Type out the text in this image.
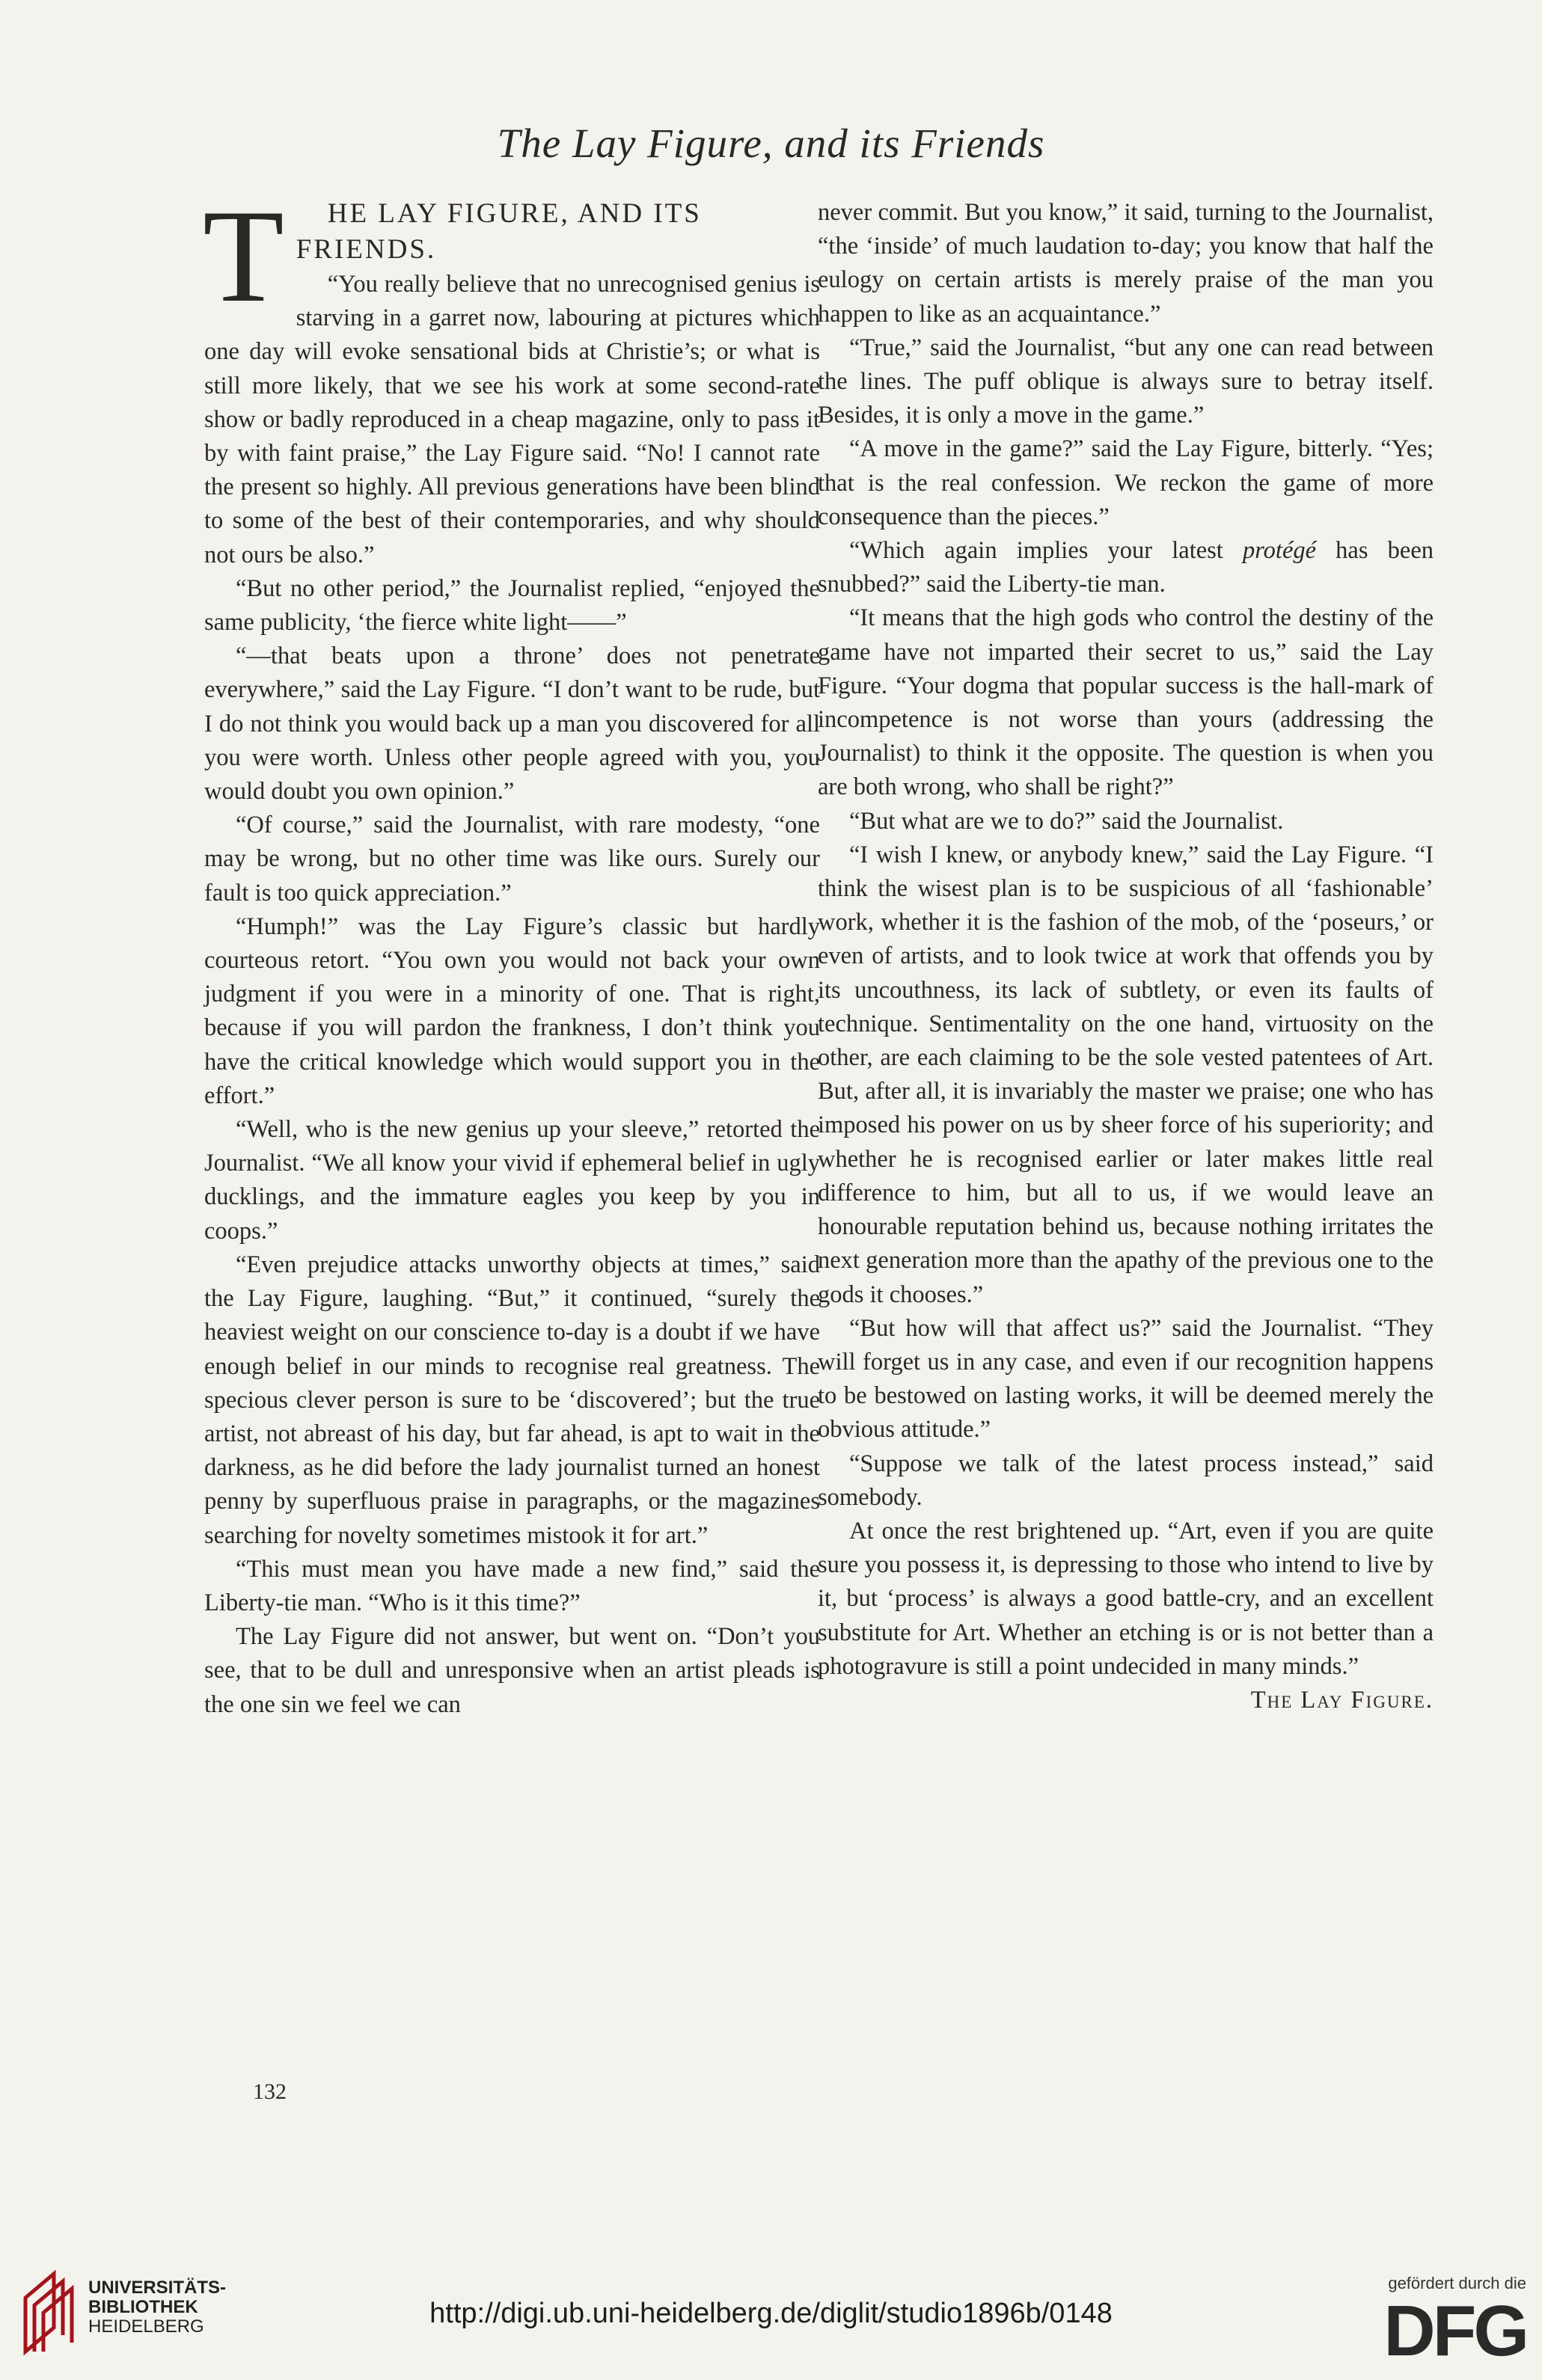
The Lay Figure, and its Friends
T	HE LAY FIGURE, AND ITS FRIENDS.

“You really believe that no unrecognised genius is starving in a garret now, labouring at pictures which one day will evoke sensational bids at Christie’s; or what is still more likely, that we see his work at some second-rate show or badly reproduced in a cheap magazine, only to pass it by with faint praise,” the Lay Figure said. “No! I cannot rate the present so highly. All previous generations have been blind to some of the best of their contemporaries, and why should not ours be also.”

“But no other period,” the Journalist replied, “enjoyed the same publicity, ‘the fierce white light——”

“—that beats upon a throne’ does not penetrate everywhere,” said the Lay Figure. “I don’t want to be rude, but I do not think you would back up a man you discovered for all you were worth. Unless other people agreed with you, you would doubt you own opinion.”

“Of course,” said the Journalist, with rare modesty, “one may be wrong, but no other time was like ours. Surely our fault is too quick appreciation.”

“Humph!” was the Lay Figure’s classic but hardly courteous retort. “You own you would not back your own judgment if you were in a minority of one. That is right, because if you will pardon the frankness, I don’t think you have the critical knowledge which would support you in the effort.”

“Well, who is the new genius up your sleeve,” retorted the Journalist. “We all know your vivid if ephemeral belief in ugly ducklings, and the immature eagles you keep by you in coops.”

“Even prejudice attacks unworthy objects at times,” said the Lay Figure, laughing. “But,” it continued, “surely the heaviest weight on our conscience to-day is a doubt if we have enough belief in our minds to recognise real greatness. The specious clever person is sure to be ‘discovered’; but the true artist, not abreast of his day, but far ahead, is apt to wait in the darkness, as he did before the lady journalist turned an honest penny by superfluous praise in paragraphs, or the magazines searching for novelty sometimes mistook it for art.”

“This must mean you have made a new find,” said the Liberty-tie man. “Who is it this time?”

The Lay Figure did not answer, but went on. “Don’t you see, that to be dull and unresponsive when an artist pleads is the one sin we feel we can

never commit. But you know,” it said, turning to the Journalist, “the ‘inside’ of much laudation to-day; you know that half the eulogy on certain artists is merely praise of the man you happen to like as an acquaintance.”

“True,” said the Journalist, “but any one can read between the lines. The puff oblique is always sure to betray itself. Besides, it is only a move in the game.”

“A move in the game?” said the Lay Figure, bitterly. “Yes; that is the real confession. We reckon the game of more consequence than the pieces.”

“Which again implies your latest protégé has been snubbed?” said the Liberty-tie man.

“It means that the high gods who control the destiny of the game have not imparted their secret to us,” said the Lay Figure. “Your dogma that popular success is the hall-mark of incompetence is not worse than yours (addressing the Journalist) to think it the opposite. The question is when you are both wrong, who shall be right?”

“But what are we to do?” said the Journalist.

“I wish I knew, or anybody knew,” said the Lay Figure. “I think the wisest plan is to be suspicious of all ‘fashionable’ work, whether it is the fashion of the mob, of the ‘poseurs,’ or even of artists, and to look twice at work that offends you by its uncouthness, its lack of subtlety, or even its faults of technique. Sentimentality on the one hand, virtuosity on the other, are each claiming to be the sole vested patentees of Art. But, after all, it is invariably the master we praise; one who has imposed his power on us by sheer force of his superiority; and whether he is recognised earlier or later makes little real difference to him, but all to us, if we would leave an honourable reputation behind us, because nothing irritates the next generation more than the apathy of the previous one to the gods it chooses.”

“But how will that affect us?” said the Journalist. “They will forget us in any case, and even if our recognition happens to be bestowed on lasting works, it will be deemed merely the obvious attitude.”

“Suppose we talk of the latest process instead,” said somebody.

At once the rest brightened up. “Art, even if you are quite sure you possess it, is depressing to those who intend to live by it, but ‘process’ is always a good battle-cry, and an excellent substitute for Art. Whether an etching is or is not better than a photogravure is still a point undecided in many minds.”

The Lay Figure.

132
UNIVERSITÄTS-
BIBLIOTHEK
HEIDELBERG	http://digi.ub.uni-heidelberg.de/diglit/studio1896b/0148
gefördert durch die
DFG
